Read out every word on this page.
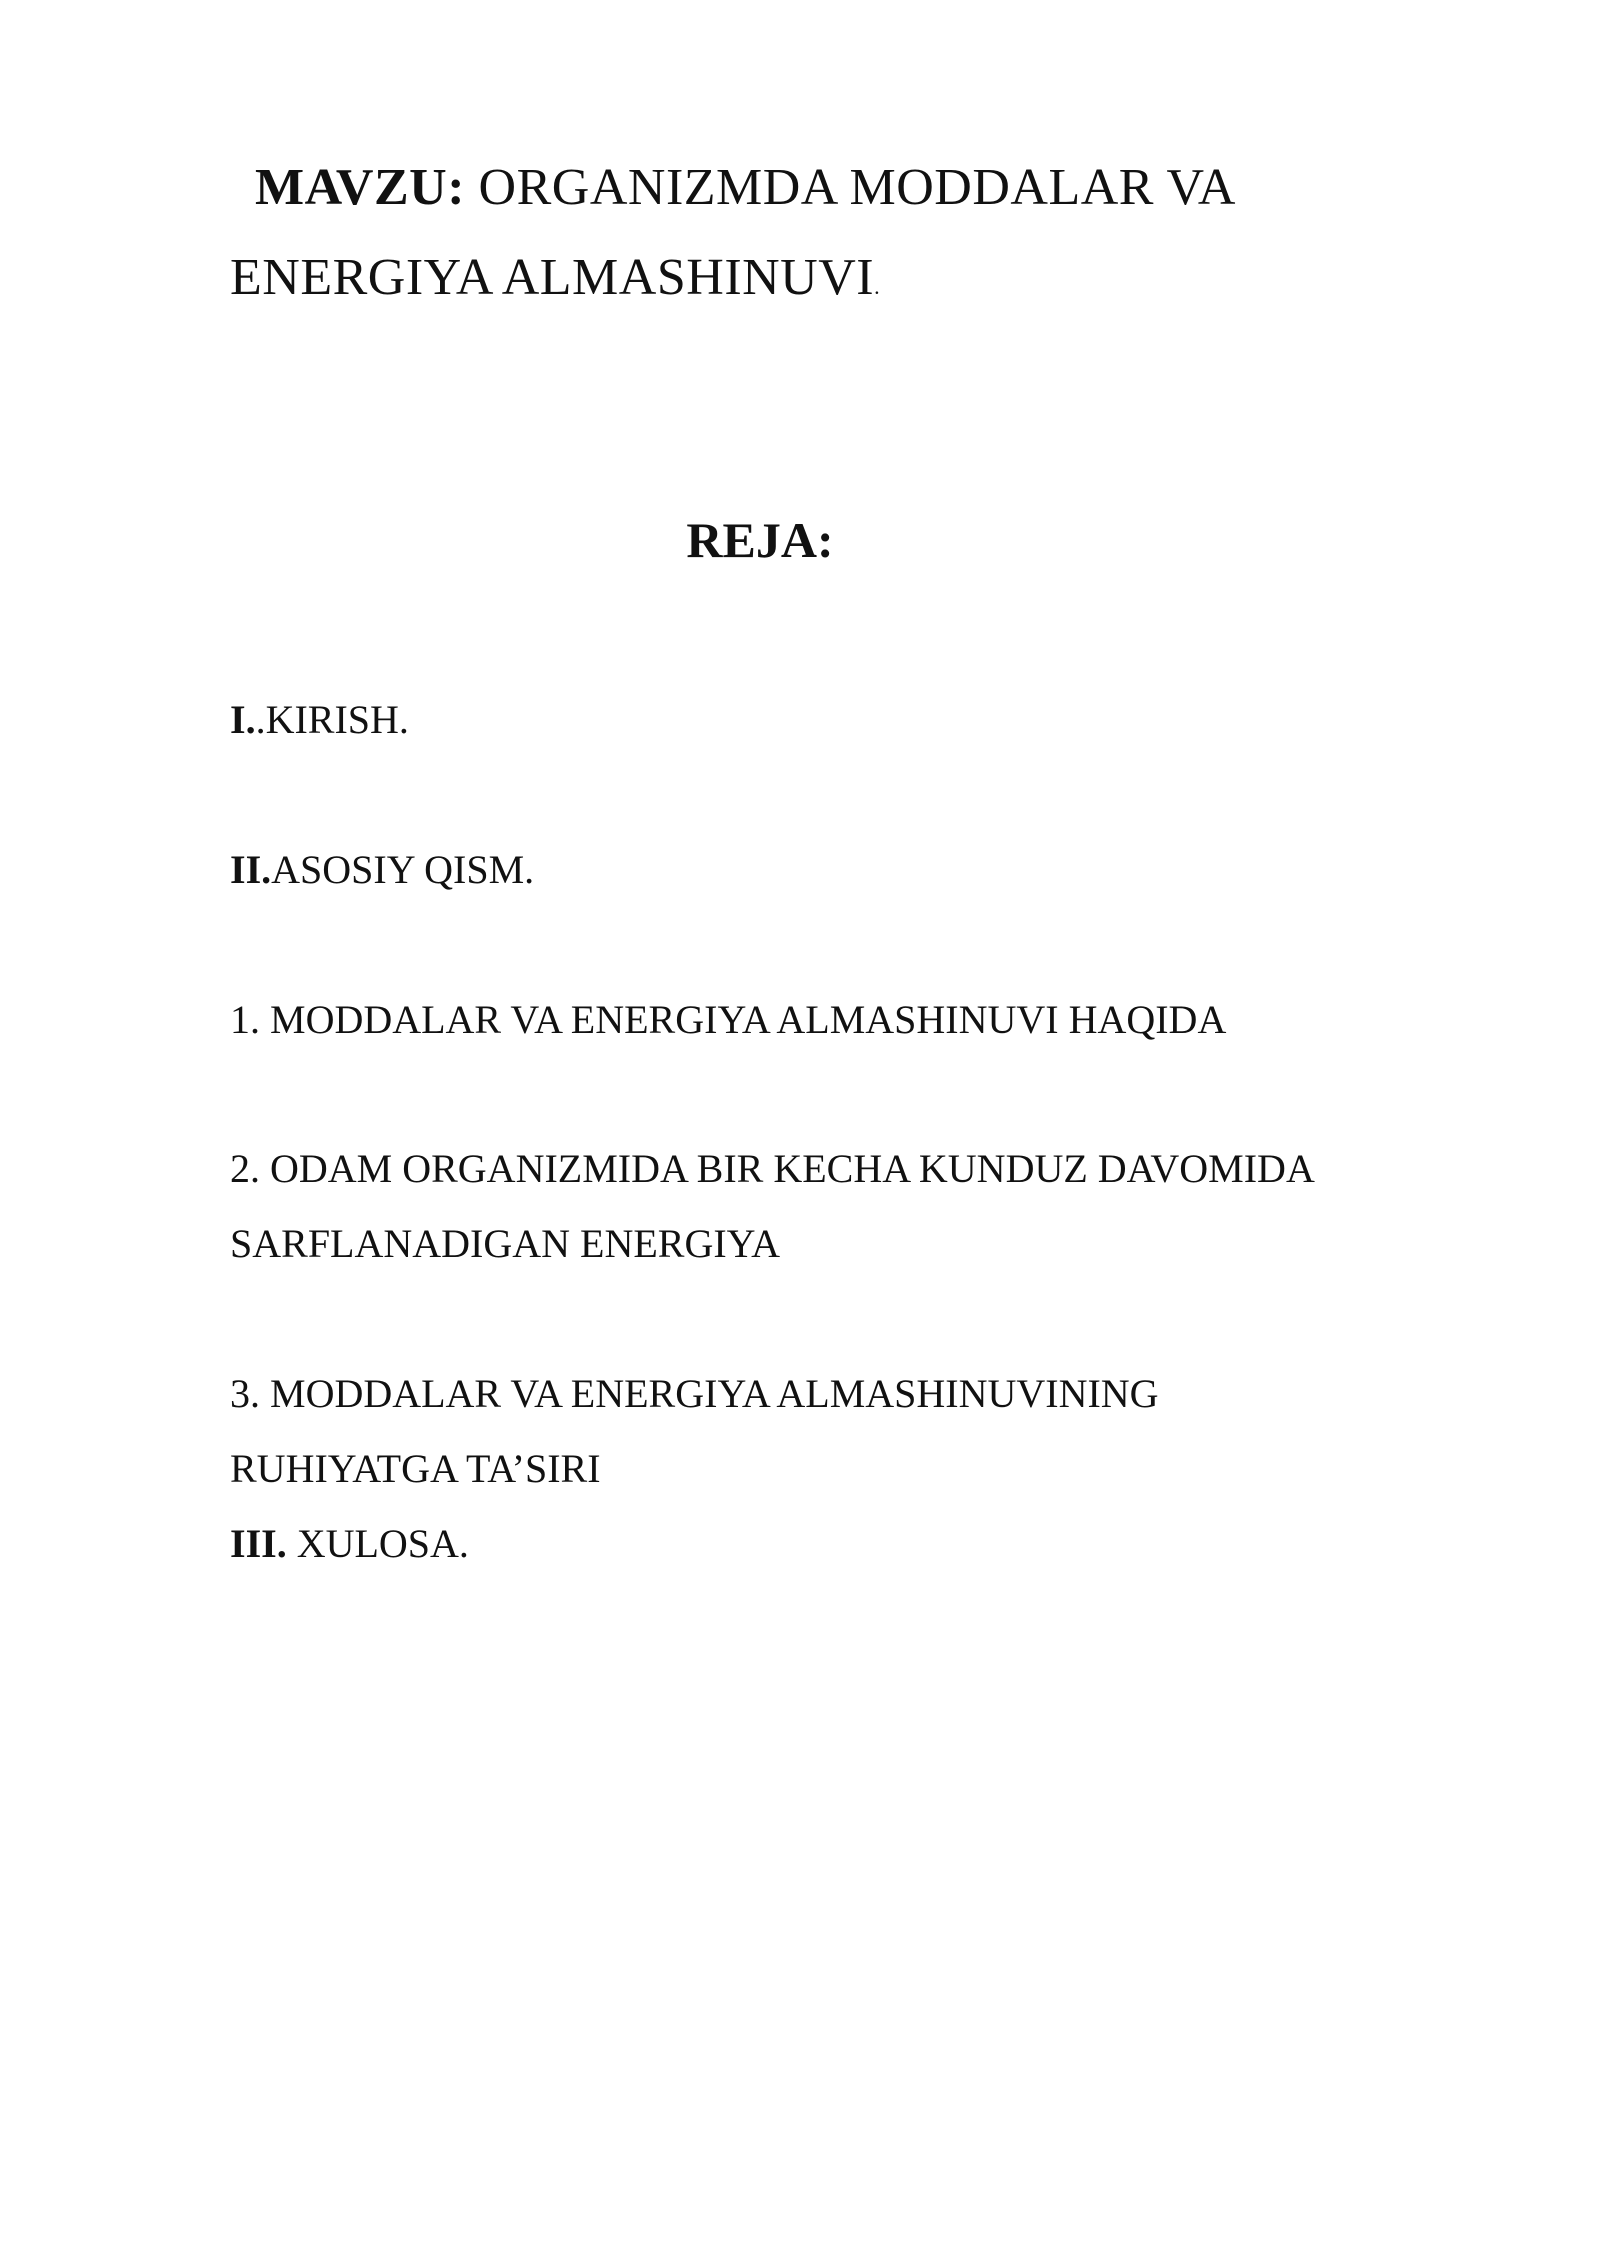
MAVZU: ORGANIZMDA MODDALAR VA
ENERGIYA ALMASHINUVI.
REJA:
I..KIRISH.
II.ASOSIY QISM.
1. MODDALAR VA ENERGIYA ALMASHINUVI HAQIDA
2. ODAM ORGANIZMIDA BIR KECHA KUNDUZ DAVOMIDA
SARFLANADIGAN ENERGIYA
3. MODDALAR VA ENERGIYA ALMASHINUVINING
RUHIYATGA TA’SIRI
III. XULOSA.
